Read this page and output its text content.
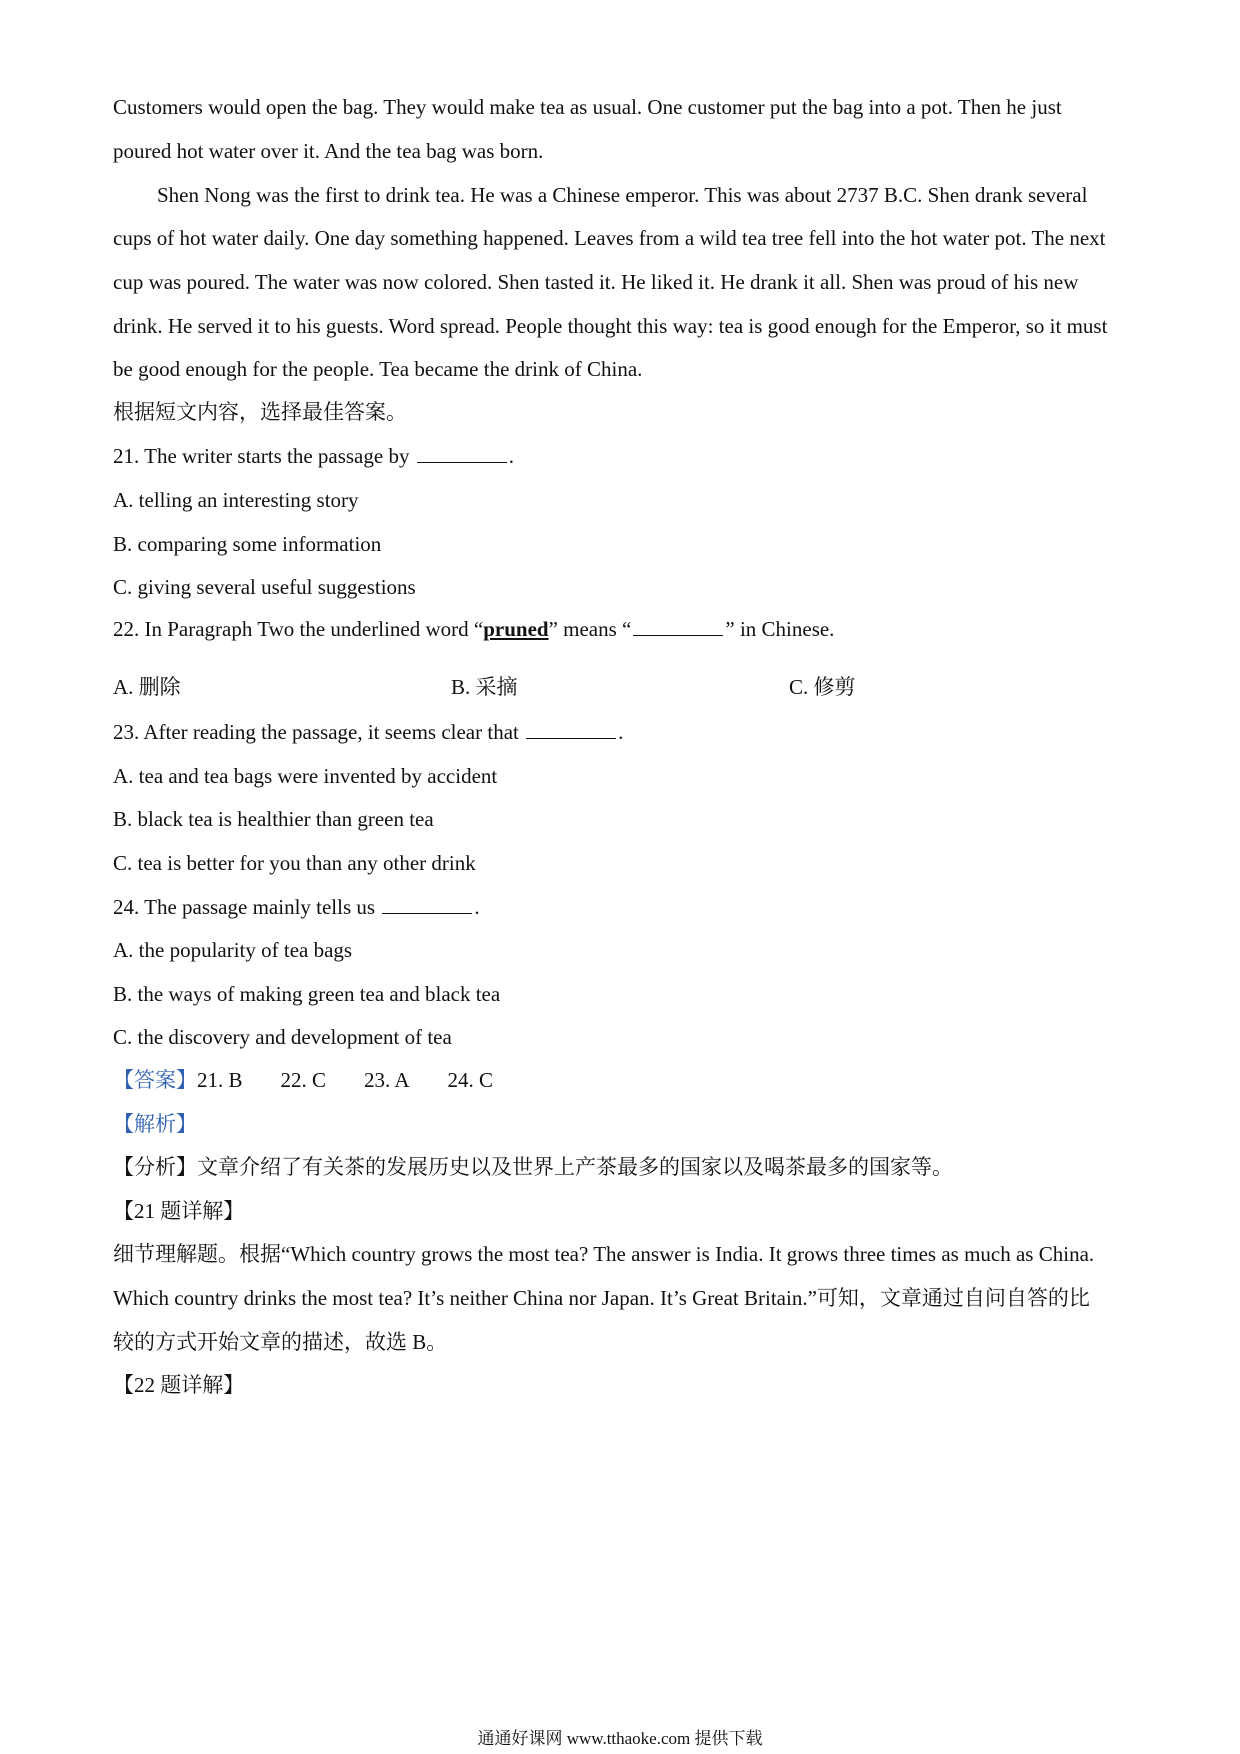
Customers would open the bag. They would make tea as usual. One customer put the bag into a pot. Then he just
poured hot water over it. And the tea bag was born.
Shen Nong was the first to drink tea. He was a Chinese emperor. This was about 2737 B.C. Shen drank several
cups of hot water daily. One day something happened. Leaves from a wild tea tree fell into the hot water pot. The next
cup was poured. The water was now colored. Shen tasted it. He liked it. He drank it all. Shen was proud of his new
drink. He served it to his guests. Word spread. People thought this way: tea is good enough for the Emperor, so it must
be good enough for the people. Tea became the drink of China.
根据短文内容，选择最佳答案。
21. The writer starts the passage by	.
A. telling an interesting story
B. comparing some information
C. giving several useful suggestions
22. In Paragraph Two the underlined word “pruned” means “	” in Chinese.
A. 删除	B. 采摘	C. 修剪
23. After reading the passage, it seems clear that	.
A. tea and tea bags were invented by accident
B. black tea is healthier than green tea
C. tea is better for you than any other drink
24. The passage mainly tells us	.
A. the popularity of tea bags
B. the ways of making green tea and black tea
C. the discovery and development of tea
【答案】21. B 22. C 23. A 24. C
【解析】
【分析】文章介绍了有关茶的发展历史以及世界上产茶最多的国家以及喝茶最多的国家等。
【21 题详解】
细节理解题。根据“Which country grows the most tea? The answer is India. It grows three times as much as China.
Which country drinks the most tea? It’s neither China nor Japan. It’s Great Britain.”可知，文章通过自问自答的比
较的方式开始文章的描述，故选 B。
【22 题详解】
通通好课网 www.tthaoke.com 提供下载
